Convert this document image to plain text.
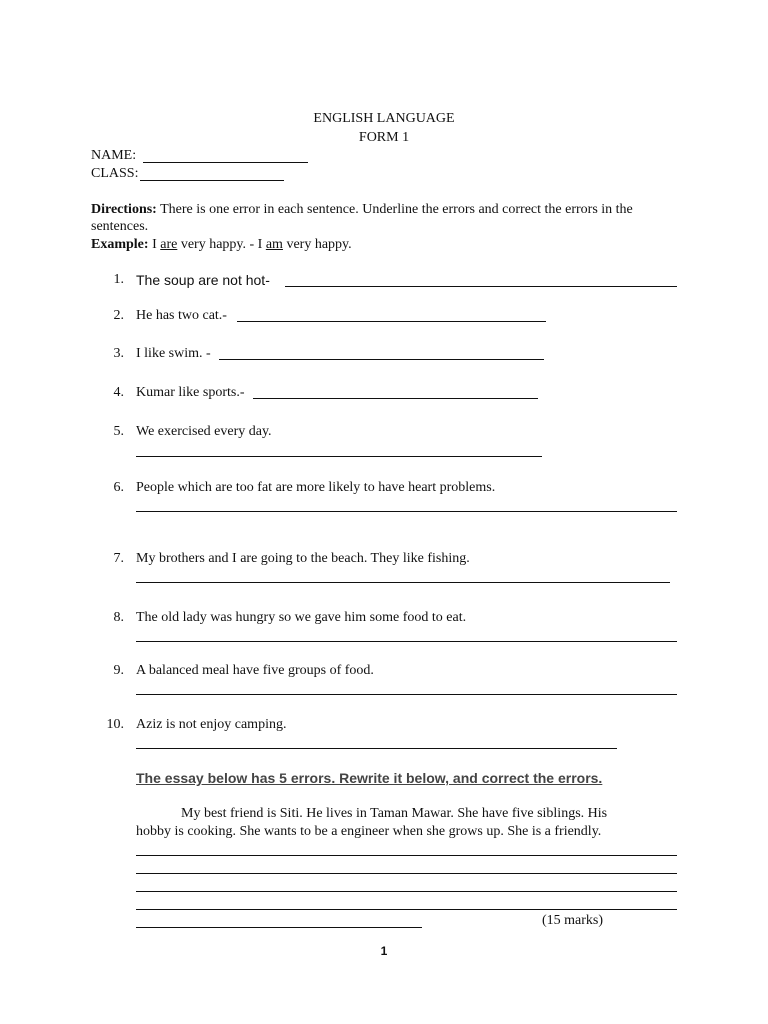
ENGLISH LANGUAGE
FORM 1
NAME:
CLASS:
Directions: There is one error in each sentence. Underline the errors and correct the errors in the
sentences.
Example: I are very happy. - I am very happy.
1. The soup are not hot-
2. He has two cat.-
3. I like swim. -
4. Kumar like sports.-
5. We exercised every day.
6. People which are too fat are more likely to have heart problems.
7. My brothers and I are going to the beach. They like fishing.
8. The old lady was hungry so we gave him some food to eat.
9. A balanced meal have five groups of food.
10. Aziz is not enjoy camping.
The essay below has 5 errors. Rewrite it below, and correct the errors.
My best friend is Siti. He lives in Taman Mawar. She have five siblings. His
hobby is cooking. She wants to be a engineer when she grows up. She is a friendly.
(15 marks)
1
